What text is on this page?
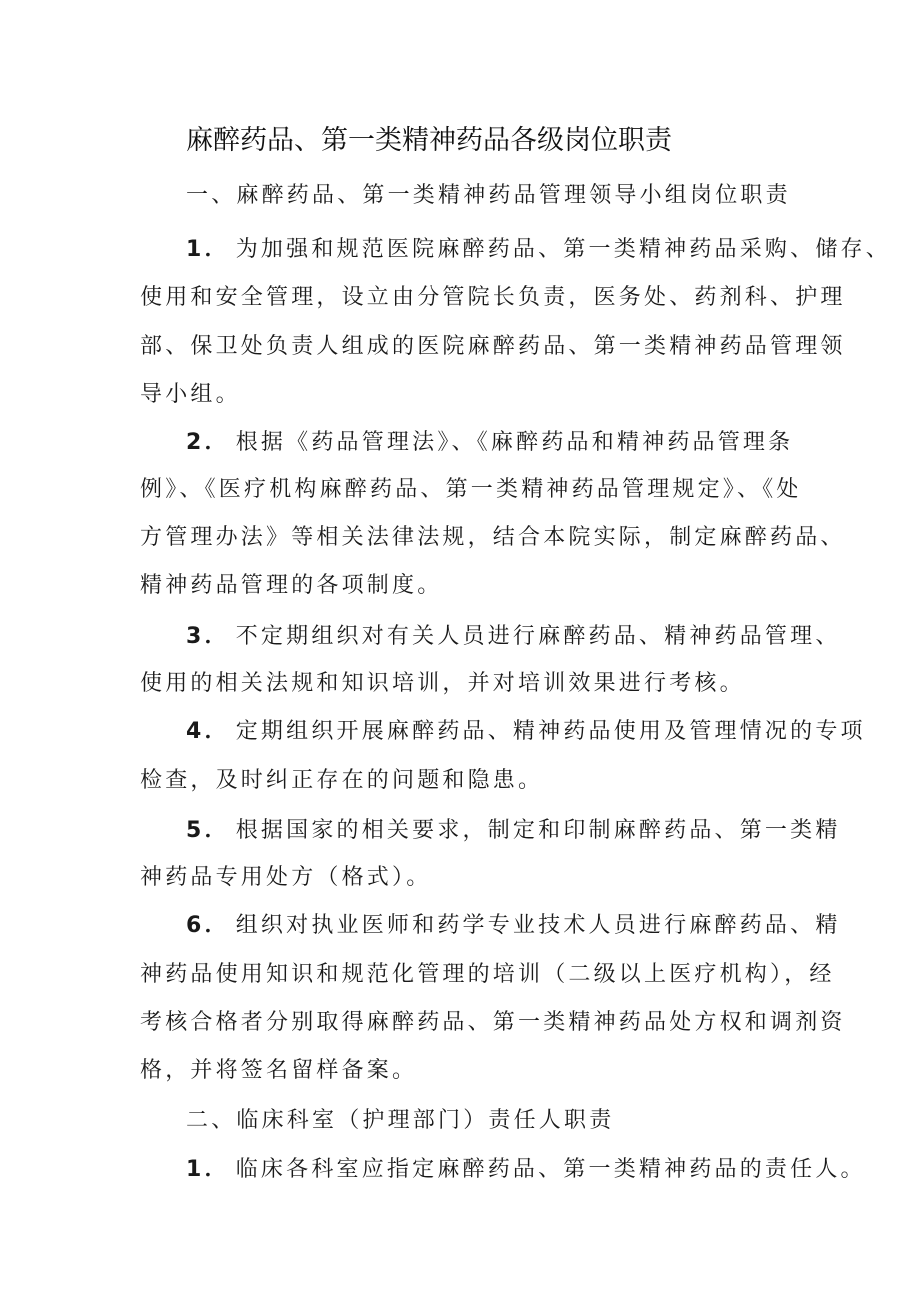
麻醉药品、第一类精神药品各级岗位职责
一、麻醉药品、第一类精神药品管理领导小组岗位职责
1． 为加强和规范医院麻醉药品、第一类精神药品采购、储存、
使用和安全管理，设立由分管院长负责，医务处、药剂科、护理
部、保卫处负责人组成的医院麻醉药品、第一类精神药品管理领
导小组。
2． 根据《药品管理法》、《麻醉药品和精神药品管理条
例》、《医疗机构麻醉药品、第一类精神药品管理规定》、《处
方管理办法》等相关法律法规，结合本院实际，制定麻醉药品、
精神药品管理的各项制度。
3． 不定期组织对有关人员进行麻醉药品、精神药品管理、
使用的相关法规和知识培训，并对培训效果进行考核。
4． 定期组织开展麻醉药品、精神药品使用及管理情况的专项
检查，及时纠正存在的问题和隐患。
5． 根据国家的相关要求，制定和印制麻醉药品、第一类精
神药品专用处方（格式）。
6． 组织对执业医师和药学专业技术人员进行麻醉药品、精
神药品使用知识和规范化管理的培训（二级以上医疗机构），经
考核合格者分别取得麻醉药品、第一类精神药品处方权和调剂资
格，并将签名留样备案。
二、临床科室（护理部门）责任人职责
1． 临床各科室应指定麻醉药品、第一类精神药品的责任人。
